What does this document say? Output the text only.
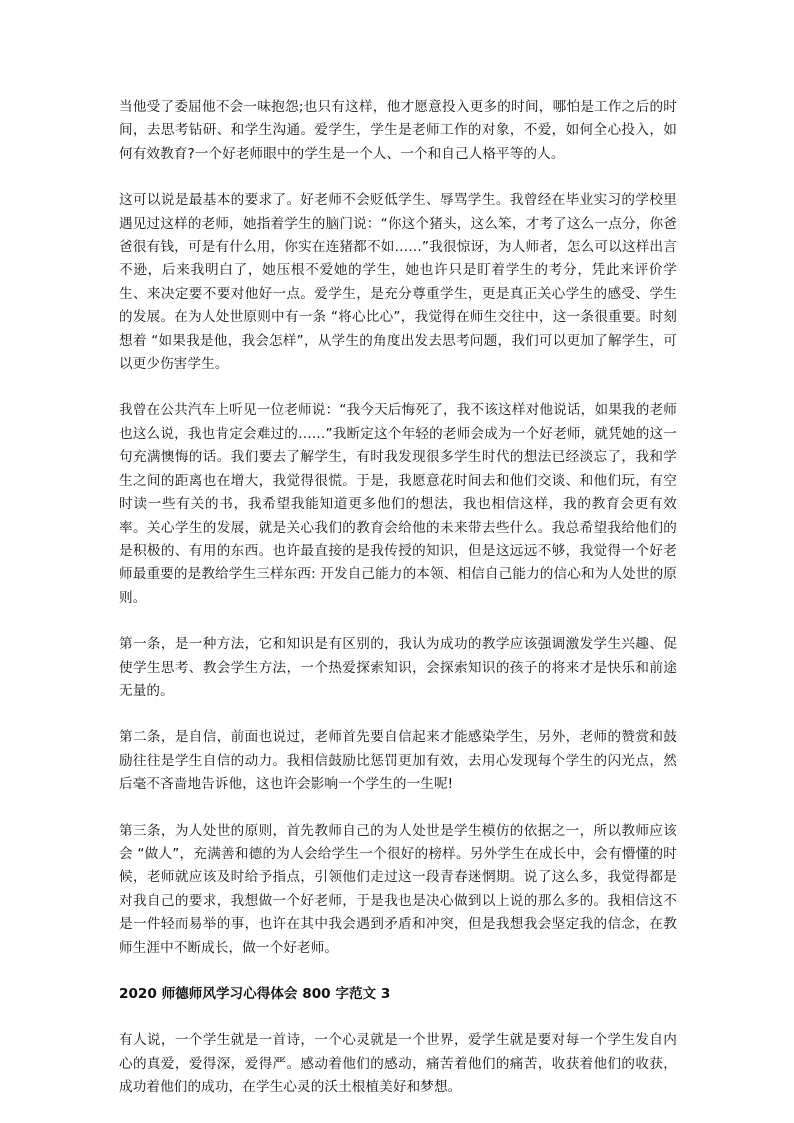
当他受了委屈他不会一味抱怨;也只有这样，他才愿意投入更多的时间，哪怕是工作之后的时间，去思考钻研、和学生沟通。爱学生，学生是老师工作的对象，不爱，如何全心投入，如何有效教育?一个好老师眼中的学生是一个人、一个和自己人格平等的人。

这可以说是最基本的要求了。好老师不会贬低学生、辱骂学生。我曾经在毕业实习的学校里遇见过这样的老师，她指着学生的脑门说：“你这个猪头，这么笨，才考了这么一点分，你爸爸很有钱，可是有什么用，你实在连猪都不如……”我很惊讶，为人师者，怎么可以这样出言不逊，后来我明白了，她压根不爱她的学生，她也许只是盯着学生的考分，凭此来评价学生、来决定要不要对他好一点。爱学生，是充分尊重学生，更是真正关心学生的感受、学生的发展。在为人处世原则中有一条 “将心比心”，我觉得在师生交往中，这一条很重要。时刻想着 “如果我是他，我会怎样”，从学生的角度出发去思考问题，我们可以更加了解学生，可以更少伤害学生。

我曾在公共汽车上听见一位老师说：“我今天后悔死了，我不该这样对他说话，如果我的老师也这么说，我也肯定会难过的……”我断定这个年轻的老师会成为一个好老师，就凭她的这一句充满懊悔的话。我们要去了解学生，有时我发现很多学生时代的想法已经淡忘了，我和学生之间的距离也在增大，我觉得很慌。于是，我愿意花时间去和他们交谈、和他们玩，有空时读一些有关的书，我希望我能知道更多他们的想法，我也相信这样，我的教育会更有效率。关心学生的发展，就是关心我们的教育会给他的未来带去些什么。我总希望我给他们的是积极的、有用的东西。也许最直接的是我传授的知识，但是这远远不够，我觉得一个好老师最重要的是教给学生三样东西: 开发自己能力的本领、相信自己能力的信心和为人处世的原则。

第一条，是一种方法，它和知识是有区别的，我认为成功的教学应该强调激发学生兴趣、促使学生思考、教会学生方法，一个热爱探索知识，会探索知识的孩子的将来才是快乐和前途无量的。

第二条，是自信，前面也说过，老师首先要自信起来才能感染学生，另外，老师的赞赏和鼓励往往是学生自信的动力。我相信鼓励比惩罚更加有效，去用心发现每个学生的闪光点，然后毫不吝啬地告诉他，这也许会影响一个学生的一生呢!

第三条，为人处世的原则，首先教师自己的为人处世是学生模仿的依据之一，所以教师应该会 “做人”，充满善和德的为人会给学生一个很好的榜样。另外学生在成长中，会有懵懂的时候，老师就应该及时给予指点，引领他们走过这一段青春迷惘期。说了这么多，我觉得都是对我自己的要求，我想做一个好老师，于是我也是决心做到以上说的那么多的。我相信这不是一件轻而易举的事，也许在其中我会遇到矛盾和冲突，但是我想我会坚定我的信念，在教师生涯中不断成长，做一个好老师。

2020 师德师风学习心得体会 800 字范文 3

有人说，一个学生就是一首诗，一个心灵就是一个世界，爱学生就是要对每一个学生发自内心的真爱，爱得深，爱得严。感动着他们的感动，痛苦着他们的痛苦，收获着他们的收获，成功着他们的成功，在学生心灵的沃土根植美好和梦想。
